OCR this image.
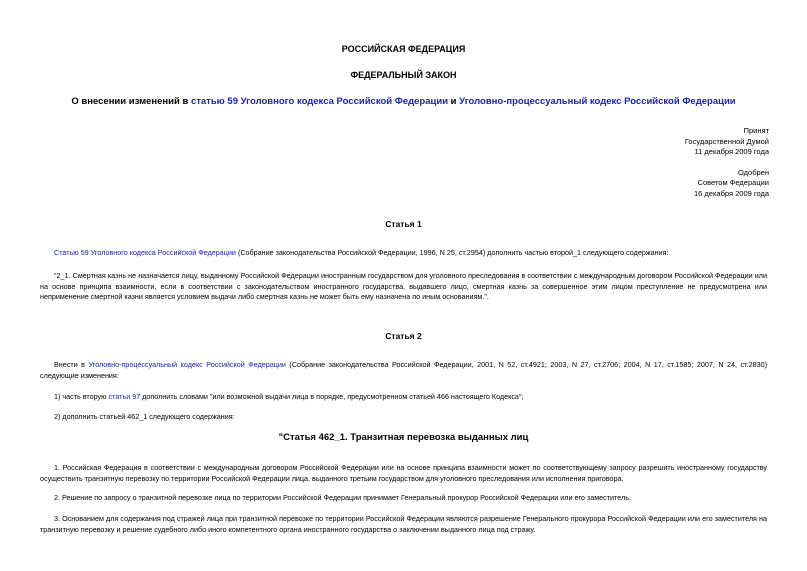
РОССИЙСКАЯ ФЕДЕРАЦИЯ
ФЕДЕРАЛЬНЫЙ ЗАКОН
О внесении изменений в статью 59 Уголовного кодекса Российской Федерации и Уголовно-процессуальный кодекс Российской Федерации
Принят
Государственной Думой
11 декабря 2009 года
Одобрен
Советом Федерации
16 декабря 2009 года
Статья 1
Статью 59 Уголовного кодекса Российской Федерации (Собрание законодательства Российской Федерации, 1996, N 25, ст.2954) дополнить частью второй_1 следующего содержания:
"2_1. Смертная казнь не назначается лицу, выданному Российской Федерации иностранным государством для уголовного преследования в соответствии с международным договором Российской Федерации или на основе принципа взаимности, если в соответствии с законодательством иностранного государства, выдавшего лицо, смертная казнь за совершенное этим лицом преступление не предусмотрена или неприменение смертной казни является условием выдачи либо смертная казнь не может быть ему назначена по иным основаниям.".
Статья 2
Внести в Уголовно-процессуальный кодекс Российской Федерации (Собрание законодательства Российской Федерации, 2001, N 52, ст.4921; 2003, N 27, ст.2706; 2004, N 17, ст.1585; 2007, N 24, ст.2830) следующие изменения:
1) часть вторую статьи 97 дополнить словами "или возможной выдачи лица в порядке, предусмотренном статьей 466 настоящего Кодекса";
2) дополнить статьей 462_1 следующего содержания:
"Статья 462_1. Транзитная перевозка выданных лиц
1. Российская Федерация в соответствии с международным договором Российской Федерации или на основе принципа взаимности может по соответствующему запросу разрешить иностранному государству осуществить транзитную перевозку по территории Российской Федерации лица, выданного третьим государством для уголовного преследования или исполнения приговора.
2. Решение по запросу о транзитной перевозке лица по территории Российской Федерации принимает Генеральный прокурор Российской Федерации или его заместитель.
3. Основанием для содержания под стражей лица при транзитной перевозке по территории Российской Федерации являются разрешение Генерального прокурора Российской Федерации или его заместителя на транзитную перевозку и решение судебного либо иного компетентного органа иностранного государства о заключении выданного лица под стражу.
